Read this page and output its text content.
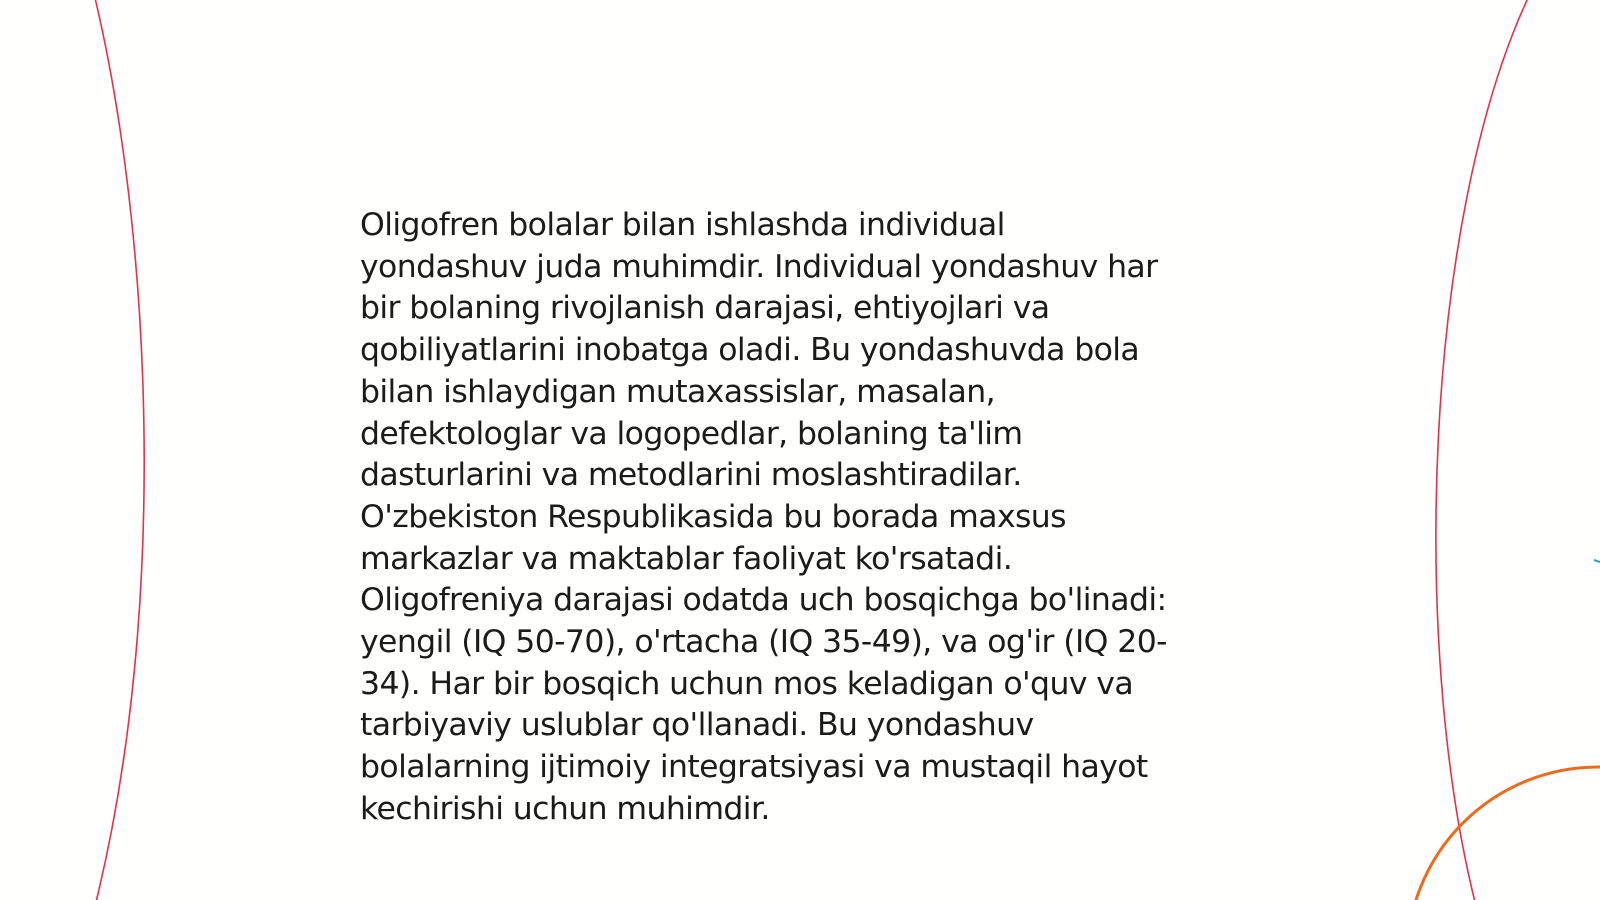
Oligofren bolalar bilan ishlashda individual
yondashuv juda muhimdir. Individual yondashuv har
bir bolaning rivojlanish darajasi, ehtiyojlari va
qobiliyatlarini inobatga oladi. Bu yondashuvda bola
bilan ishlaydigan mutaxassislar, masalan,
defektologlar va logopedlar, bolaning ta'lim
dasturlarini va metodlarini moslashtiradilar.
O'zbekiston Respublikasida bu borada maxsus
markazlar va maktablar faoliyat ko'rsatadi.
Oligofreniya darajasi odatda uch bosqichga bo'linadi:
yengil (IQ 50-70), o'rtacha (IQ 35-49), va og'ir (IQ 20-
34). Har bir bosqich uchun mos keladigan o'quv va
tarbiyaviy uslublar qo'llanadi. Bu yondashuv
bolalarning ijtimoiy integratsiyasi va mustaqil hayot
kechirishi uchun muhimdir.
